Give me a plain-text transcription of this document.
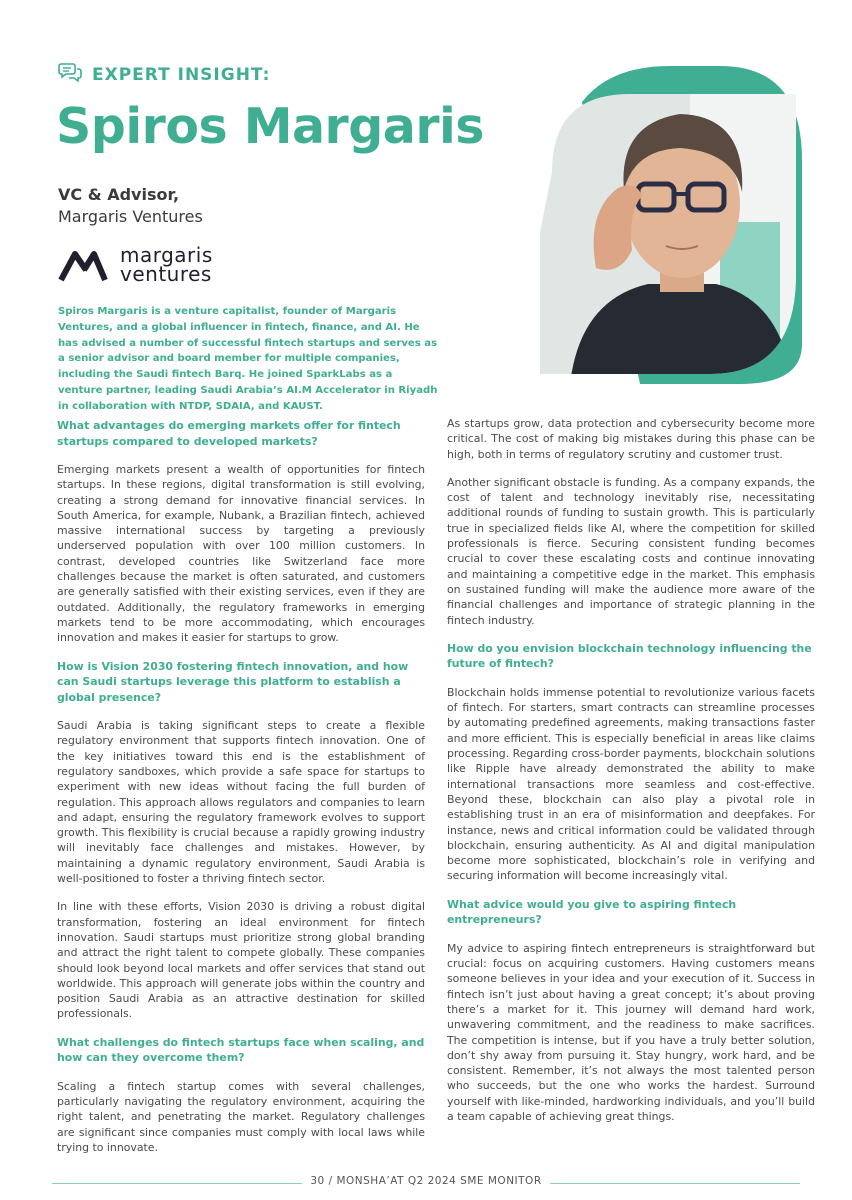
EXPERT INSIGHT:
Spiros Margaris
VC & Advisor,
Margaris Ventures
margaris
ventures
Spiros Margaris is a venture capitalist, founder of Margaris Ventures, and a global influencer in fintech, finance, and AI. He has advised a number of successful fintech startups and serves as a senior advisor and board member for multiple companies, including the Saudi fintech Barq. He joined SparkLabs as a venture partner, leading Saudi Arabia’s AI.M Accelerator in Riyadh in collaboration with NTDP, SDAIA, and KAUST.
What advantages do emerging markets offer for fintech startups compared to developed markets?
Emerging markets present a wealth of opportunities for fintech startups. In these regions, digital transformation is still evolving, creating a strong demand for innovative financial services. In South America, for example, Nubank, a Brazilian fintech, achieved massive international success by targeting a previously underserved population with over 100 million customers. In contrast, developed countries like Switzerland face more challenges because the market is often saturated, and customers are generally satisfied with their existing services, even if they are outdated. Additionally, the regulatory frameworks in emerging markets tend to be more accommodating, which encourages innovation and makes it easier for startups to grow.
How is Vision 2030 fostering fintech innovation, and how can Saudi startups leverage this platform to establish a global presence?
Saudi Arabia is taking significant steps to create a flexible regulatory environment that supports fintech innovation. One of the key initiatives toward this end is the establishment of regulatory sandboxes, which provide a safe space for startups to experiment with new ideas without facing the full burden of regulation. This approach allows regulators and companies to learn and adapt, ensuring the regulatory framework evolves to support growth. This flexibility is crucial because a rapidly growing industry will inevitably face challenges and mistakes. However, by maintaining a dynamic regulatory environment, Saudi Arabia is well-positioned to foster a thriving fintech sector.
In line with these efforts, Vision 2030 is driving a robust digital transformation, fostering an ideal environment for fintech innovation. Saudi startups must prioritize strong global branding and attract the right talent to compete globally. These companies should look beyond local markets and offer services that stand out worldwide. This approach will generate jobs within the country and position Saudi Arabia as an attractive destination for skilled professionals.
What challenges do fintech startups face when scaling, and how can they overcome them?
Scaling a fintech startup comes with several challenges, particularly navigating the regulatory environment, acquiring the right talent, and penetrating the market. Regulatory challenges are significant since companies must comply with local laws while trying to innovate.
As startups grow, data protection and cybersecurity become more critical. The cost of making big mistakes during this phase can be high, both in terms of regulatory scrutiny and customer trust.
Another significant obstacle is funding. As a company expands, the cost of talent and technology inevitably rise, necessitating additional rounds of funding to sustain growth. This is particularly true in specialized fields like AI, where the competition for skilled professionals is fierce. Securing consistent funding becomes crucial to cover these escalating costs and continue innovating and maintaining a competitive edge in the market. This emphasis on sustained funding will make the audience more aware of the financial challenges and importance of strategic planning in the fintech industry.
How do you envision blockchain technology influencing the future of fintech?
Blockchain holds immense potential to revolutionize various facets of fintech. For starters, smart contracts can streamline processes by automating predefined agreements, making transactions faster and more efficient. This is especially beneficial in areas like claims processing. Regarding cross-border payments, blockchain solutions like Ripple have already demonstrated the ability to make international transactions more seamless and cost-effective. Beyond these, blockchain can also play a pivotal role in establishing trust in an era of misinformation and deepfakes. For instance, news and critical information could be validated through blockchain, ensuring authenticity. As AI and digital manipulation become more sophisticated, blockchain’s role in verifying and securing information will become increasingly vital.
What advice would you give to aspiring fintech entrepreneurs?
My advice to aspiring fintech entrepreneurs is straightforward but crucial: focus on acquiring customers. Having customers means someone believes in your idea and your execution of it. Success in fintech isn’t just about having a great concept; it’s about proving there’s a market for it. This journey will demand hard work, unwavering commitment, and the readiness to make sacrifices. The competition is intense, but if you have a truly better solution, don’t shy away from pursuing it. Stay hungry, work hard, and be consistent. Remember, it’s not always the most talented person who succeeds, but the one who works the hardest. Surround yourself with like-minded, hardworking individuals, and you’ll build a team capable of achieving great things.
30 / MONSHA’AT Q2 2024 SME MONITOR
